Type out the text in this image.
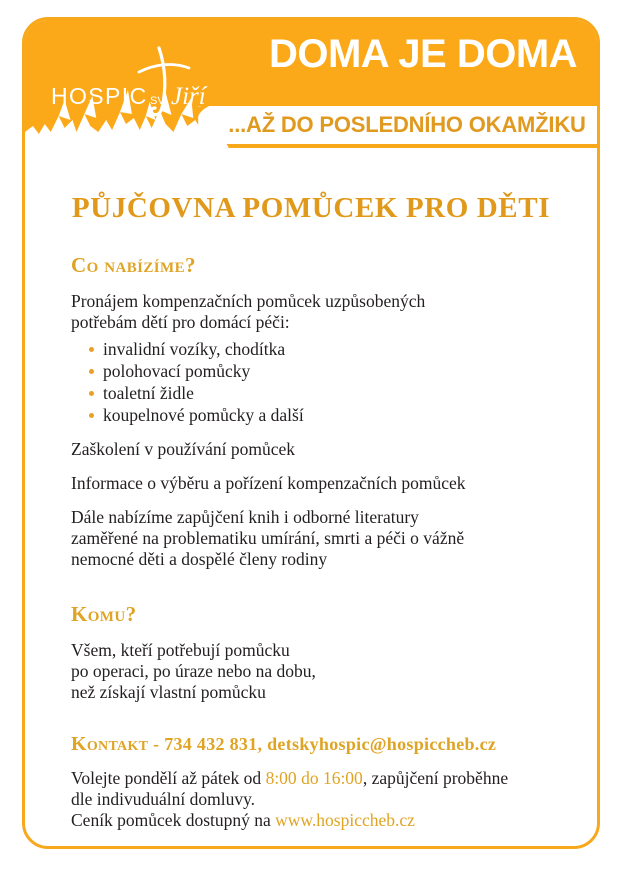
HOSPIC SV. Jiří
DOMA JE DOMA
...AŽ DO POSLEDNÍHO OKAMŽIKU
PŮJČOVNA POMŮCEK PRO DĚTI
Co nabízíme?

Pronájem kompenzačních pomůcek uzpůsobených

potřebám dětí pro domácí péči:

invalidní vozíky, chodítka
polohovací pomůcky
toaletní židle
koupelnové pomůcky a další

Zaškolení v používání pomůcek

Informace o výběru a pořízení kompenzačních pomůcek

Dále nabízíme zapůjčení knih i odborné literatury

zaměřené na problematiku umírání, smrti a péči o vážně

nemocné děti a dospělé členy rodiny

Komu?

Všem, kteří potřebují pomůcku

po operaci, po úraze nebo na dobu,

než získají vlastní pomůcku

Kontakt - 734 432 831, detskyhospic@hospiccheb.cz

Volejte pondělí až pátek od 8:00 do 16:00, zapůjčení proběhne

dle indivuduální domluvy.

Ceník pomůcek dostupný na www.hospiccheb.cz
